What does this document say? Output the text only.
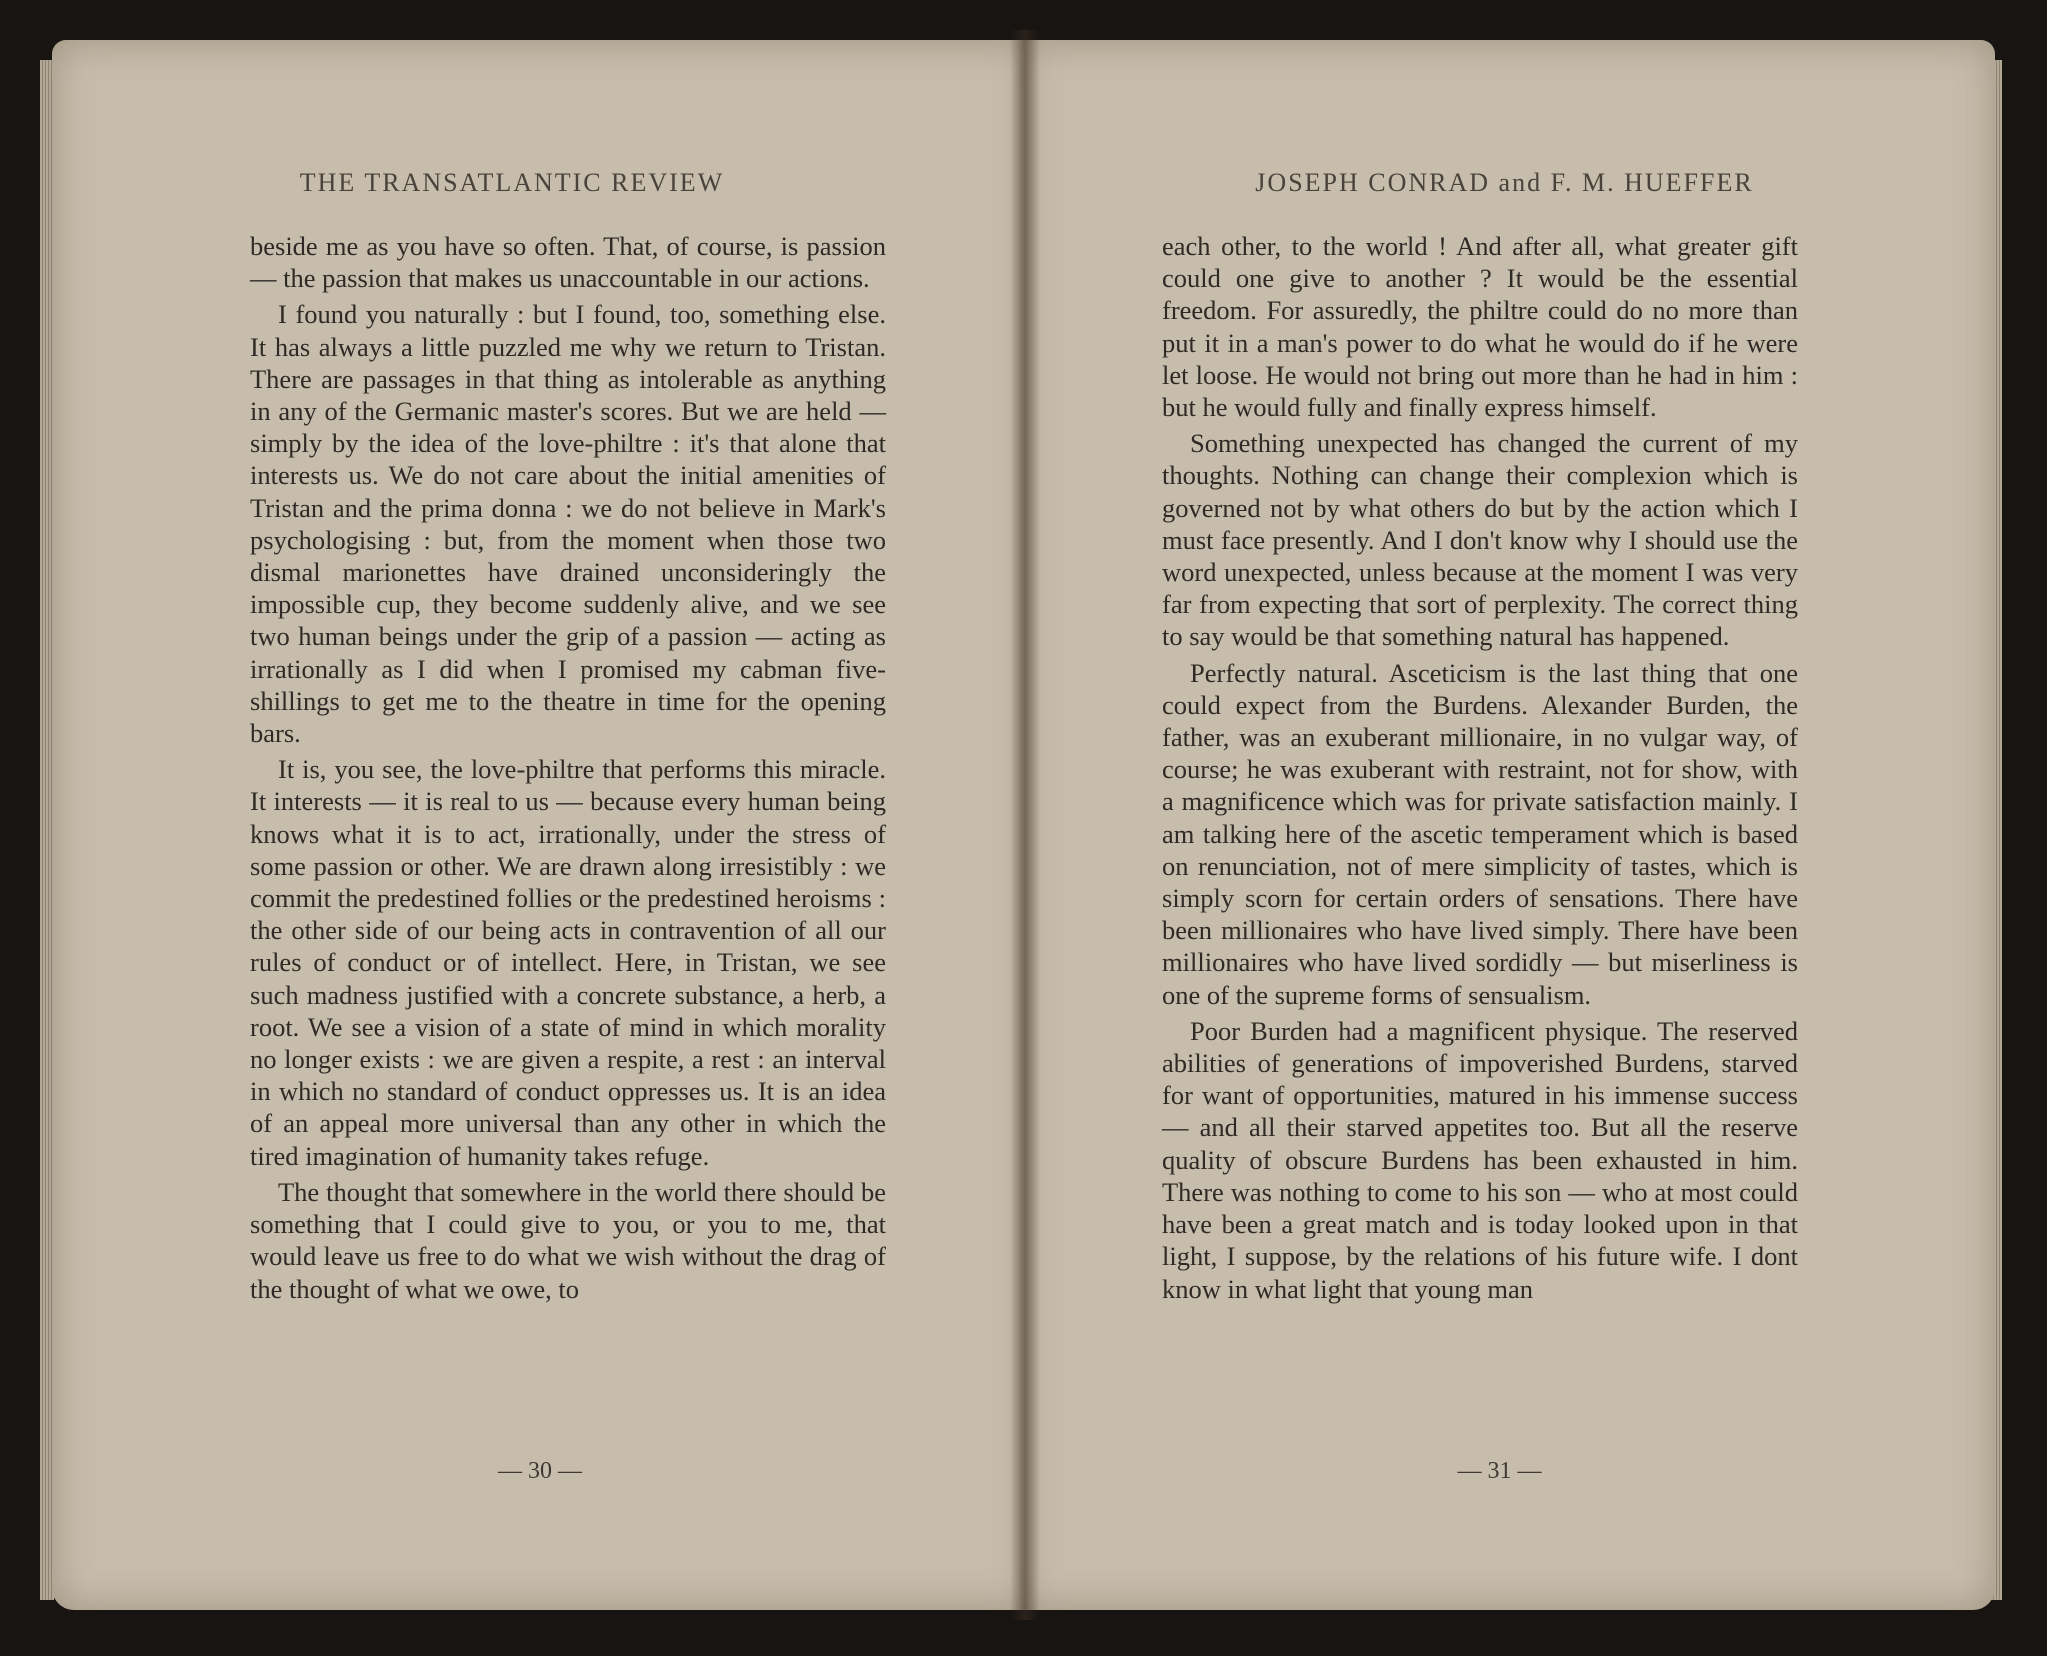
THE TRANSATLANTIC REVIEW

beside me as you have so often. That, of course, is passion — the passion that makes us unaccountable in our actions.

I found you naturally : but I found, too, something else. It has always a little puzzled me why we return to Tristan. There are passages in that thing as intolerable as anything in any of the Germanic master's scores. But we are held — simply by the idea of the love-philtre : it's that alone that interests us. We do not care about the initial amenities of Tristan and the prima donna : we do not believe in Mark's psychologising : but, from the moment when those two dismal marionettes have drained unconsideringly the impossible cup, they become suddenly alive, and we see two human beings under the grip of a passion — acting as irrationally as I did when I promised my cabman five-shillings to get me to the theatre in time for the opening bars.

It is, you see, the love-philtre that performs this miracle. It interests — it is real to us — because every human being knows what it is to act, irrationally, under the stress of some passion or other. We are drawn along irresistibly : we commit the predestined follies or the predestined heroisms : the other side of our being acts in contravention of all our rules of conduct or of intellect. Here, in Tristan, we see such madness justified with a concrete substance, a herb, a root. We see a vision of a state of mind in which morality no longer exists : we are given a respite, a rest : an interval in which no standard of conduct oppresses us. It is an idea of an appeal more universal than any other in which the tired imagination of humanity takes refuge.

The thought that somewhere in the world there should be something that I could give to you, or you to me, that would leave us free to do what we wish without the drag of the thought of what we owe, to

— 30 —
JOSEPH CONRAD and F. M. HUEFFER

each other, to the world ! And after all, what greater gift could one give to another ? It would be the essential freedom. For assuredly, the philtre could do no more than put it in a man's power to do what he would do if he were let loose. He would not bring out more than he had in him : but he would fully and finally express himself.

Something unexpected has changed the current of my thoughts. Nothing can change their complexion which is governed not by what others do but by the action which I must face presently. And I don't know why I should use the word unexpected, unless because at the moment I was very far from expecting that sort of perplexity. The correct thing to say would be that something natural has happened.

Perfectly natural. Asceticism is the last thing that one could expect from the Burdens. Alexander Burden, the father, was an exuberant millionaire, in no vulgar way, of course; he was exuberant with restraint, not for show, with a magnificence which was for private satisfaction mainly. I am talking here of the ascetic temperament which is based on renunciation, not of mere simplicity of tastes, which is simply scorn for certain orders of sensations. There have been millionaires who have lived simply. There have been millionaires who have lived sordidly — but miserliness is one of the supreme forms of sensualism.

Poor Burden had a magnificent physique. The reserved abilities of generations of impoverished Burdens, starved for want of opportunities, matured in his immense success — and all their starved appetites too. But all the reserve quality of obscure Burdens has been exhausted in him. There was nothing to come to his son — who at most could have been a great match and is today looked upon in that light, I suppose, by the relations of his future wife. I dont know in what light that young man

— 31 —
